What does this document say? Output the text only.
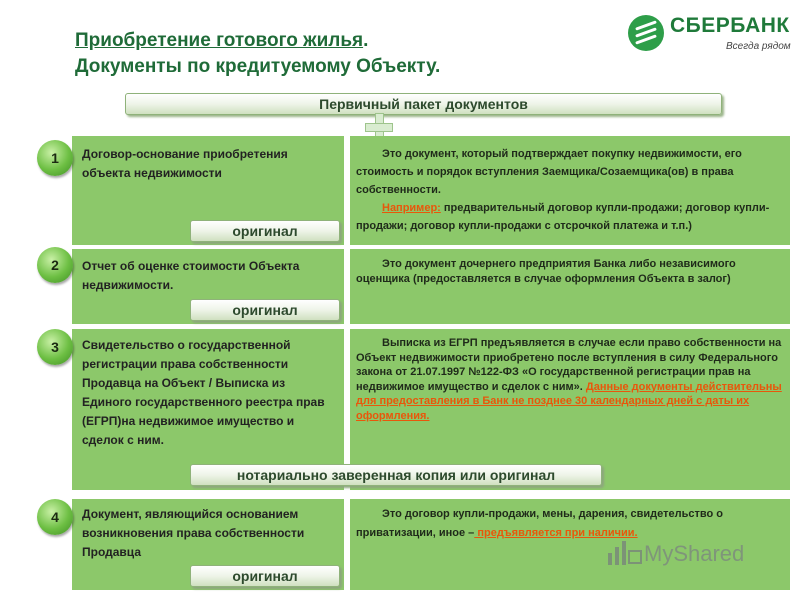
Приобретение готового жилья.
Документы по кредитуемому Объекту.
СБЕРБАНК
Всегда рядом
Первичный пакет документов
1	Договор-основание приобретения объекта недвижимости
Это документ, который подтверждает покупку недвижимости, его стоимость и порядок вступления Заемщика/Созаемщика(ов) в права собственности.
Например: предварительный договор купли-продажи; договор купли-продажи; договор купли-продажи с отсрочкой платежа и т.п.)
оригинал
2	Отчет об оценке стоимости Объекта недвижимости.
Это документ дочернего предприятия Банка либо независимого оценщика (предоставляется в случае оформления Объекта в залог)
оригинал
3	Свидетельство о государственной регистрации права собственности Продавца на Объект / Выписка из Единого государственного реестра прав (ЕГРП)на недвижимое имущество и сделок с ним.
Выписка из ЕГРП предъявляется в случае если право собственности на Объект недвижимости приобретено после вступления в силу Федерального закона от 21.07.1997 №122-ФЗ «О государственной регистрации прав на недвижимое имущество и сделок с ним». Данные документы действительны для предоставления в Банк не позднее 30 календарных дней с даты их оформления.
нотариально заверенная копия или оригинал
4	Документ, являющийся основанием возникновения права собственности Продавца
Это договор купли-продажи, мены, дарения, свидетельство о приватизации, иное – предъявляется при наличии.
оригинал
MyShared
